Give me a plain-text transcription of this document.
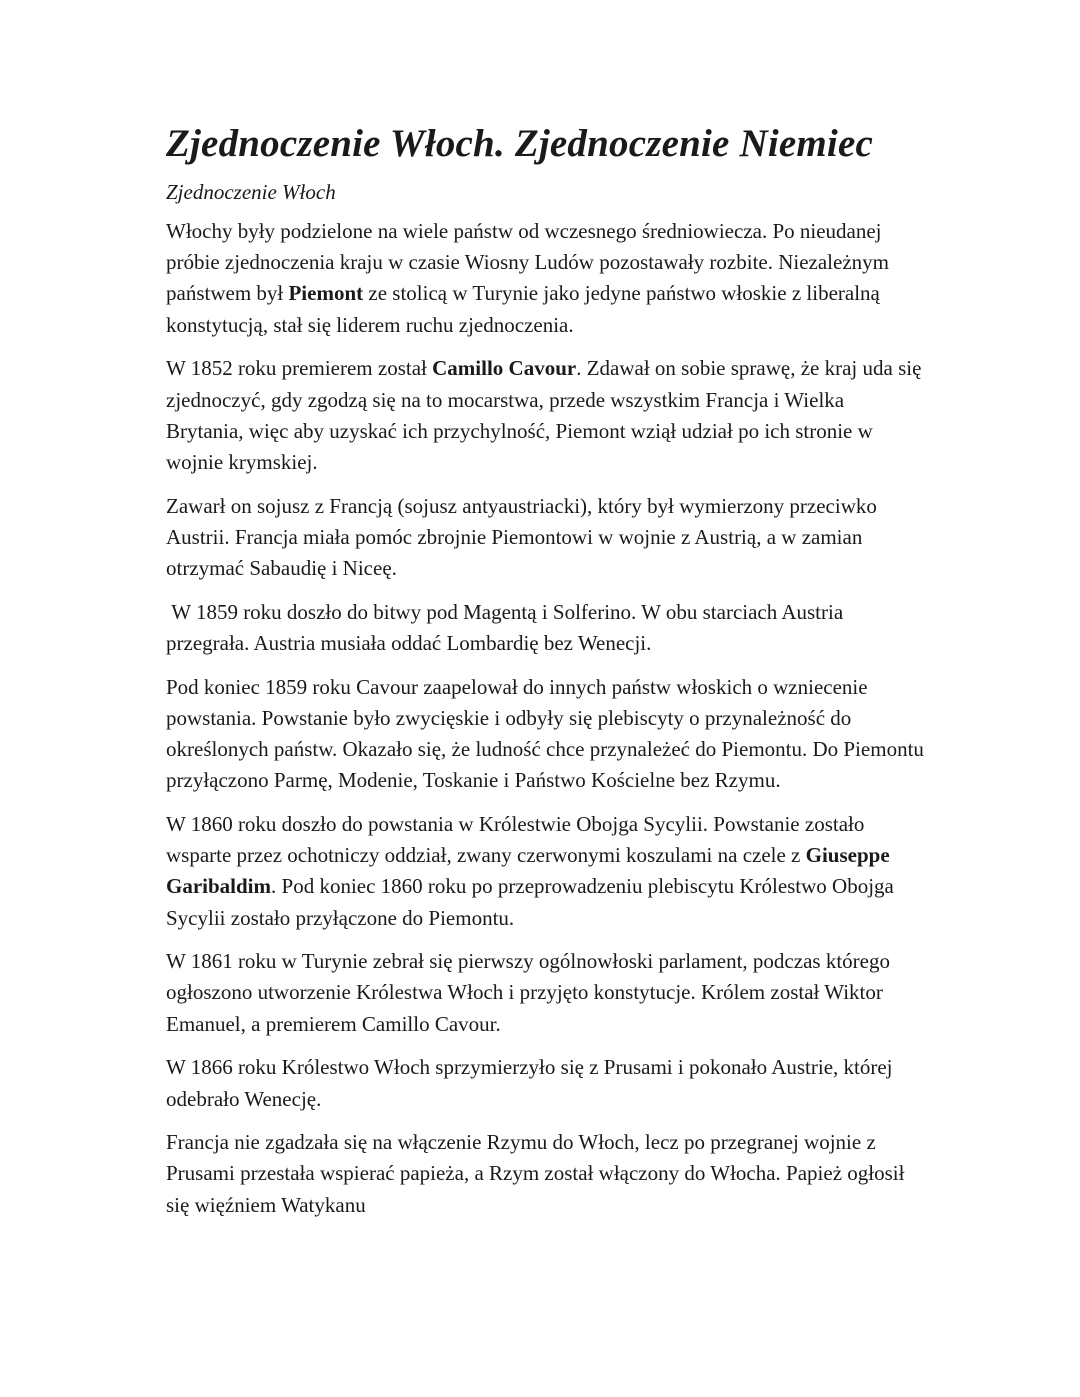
Zjednoczenie Włoch. Zjednoczenie Niemiec

Zjednoczenie Włoch

Włochy były podzielone na wiele państw od wczesnego średniowiecza. Po nieudanej próbie zjednoczenia kraju w czasie Wiosny Ludów pozostawały rozbite. Niezależnym państwem był Piemont ze stolicą w Turynie jako jedyne państwo włoskie z liberalną konstytucją, stał się liderem ruchu zjednoczenia.

W 1852 roku premierem został Camillo Cavour. Zdawał on sobie sprawę, że kraj uda się zjednoczyć, gdy zgodzą się na to mocarstwa, przede wszystkim Francja i Wielka Brytania, więc aby uzyskać ich przychylność, Piemont wziął udział po ich stronie w wojnie krymskiej.

Zawarł on sojusz z Francją (sojusz antyaustriacki), który był wymierzony przeciwko Austrii. Francja miała pomóc zbrojnie Piemontowi w wojnie z Austrią, a w zamian otrzymać Sabaudię i Niceę.

W 1859 roku doszło do bitwy pod Magentą i Solferino. W obu starciach Austria przegrała. Austria musiała oddać Lombardię bez Wenecji.

Pod koniec 1859 roku Cavour zaapelował do innych państw włoskich o wzniecenie powstania. Powstanie było zwycięskie i odbyły się plebiscyty o przynależność do określonych państw. Okazało się, że ludność chce przynależeć do Piemontu. Do Piemontu przyłączono Parmę, Modenie, Toskanie i Państwo Kościelne bez Rzymu.

W 1860 roku doszło do powstania w Królestwie Obojga Sycylii. Powstanie zostało wsparte przez ochotniczy oddział, zwany czerwonymi koszulami na czele z Giuseppe Garibaldim. Pod koniec 1860 roku po przeprowadzeniu plebiscytu Królestwo Obojga Sycylii zostało przyłączone do Piemontu.

W 1861 roku w Turynie zebrał się pierwszy ogólnowłoski parlament, podczas którego ogłoszono utworzenie Królestwa Włoch i przyjęto konstytucje. Królem został Wiktor Emanuel, a premierem Camillo Cavour.

W 1866 roku Królestwo Włoch sprzymierzyło się z Prusami i pokonało Austrie, której odebrało Wenecję.

Francja nie zgadzała się na włączenie Rzymu do Włoch, lecz po przegranej wojnie z Prusami przestała wspierać papieża, a Rzym został włączony do Włocha. Papież ogłosił się więźniem Watykanu
